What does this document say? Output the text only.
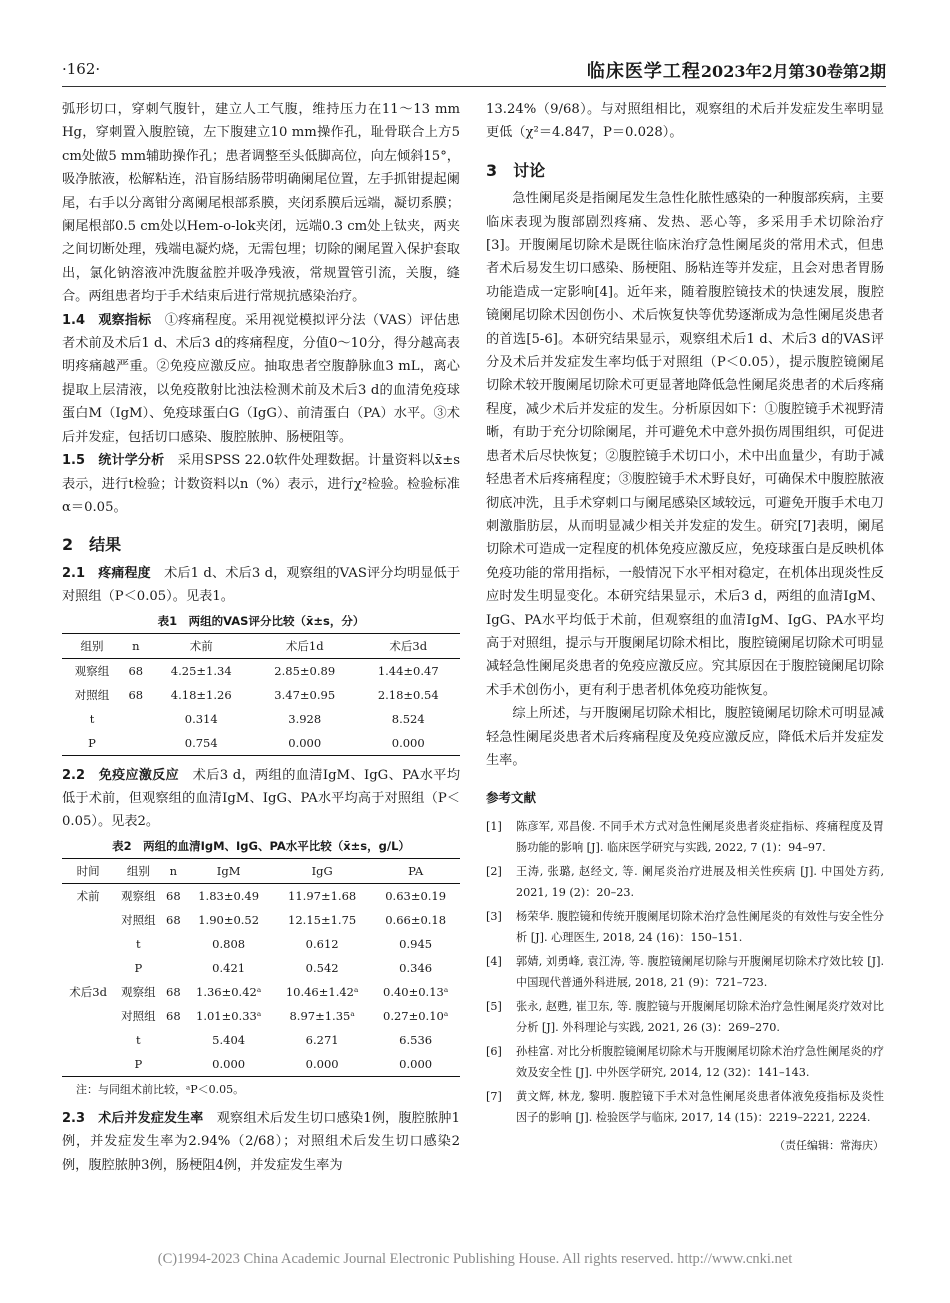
·162·	临床医学工程2023年2月第30卷第2期

弧形切口，穿刺气腹针，建立人工气腹，维持压力在11～13 mm Hg，穿刺置入腹腔镜，左下腹建立10 mm操作孔，耻骨联合上方5 cm处做5 mm辅助操作孔；患者调整至头低脚高位，向左倾斜15°，吸净脓液，松解粘连，沿盲肠结肠带明确阑尾位置，左手抓钳提起阑尾，右手以分离钳分离阑尾根部系膜，夹闭系膜后远端，凝切系膜；阑尾根部0.5 cm处以Hem-o-lok夹闭，远端0.3 cm处上钛夹，两夹之间切断处理，残端电凝灼烧，无需包埋；切除的阑尾置入保护套取出，氯化钠溶液冲洗腹盆腔并吸净残液，常规置管引流，关腹，缝合。两组患者均于手术结束后进行常规抗感染治疗。

1.4　观察指标　 ①疼痛程度。采用视觉模拟评分法（VAS）评估患者术前及术后1 d、术后3 d的疼痛程度，分值0～10分，得分越高表明疼痛越严重。②免疫应激反应。抽取患者空腹静脉血3 mL，离心提取上层清液，以免疫散射比浊法检测术前及术后3 d的血清免疫球蛋白M（IgM）、免疫球蛋白G（IgG）、前清蛋白（PA）水平。③术后并发症，包括切口感染、腹腔脓肿、肠梗阻等。

1.5　统计学分析　 采用SPSS 22.0软件处理数据。计量资料以x̄±s表示，进行t检验；计数资料以n（%）表示，进行χ²检验。检验标准α＝0.05。

2　结果

2.1　疼痛程度　 术后1 d、术后3 d，观察组的VAS评分均明显低于对照组（P＜0.05）。见表1。

表1　两组的VAS评分比较（x̄±s，分）
组别	n	术前	术后1d	术后3d
观察组	68	4.25±1.34	2.85±0.89	1.44±0.47
对照组	68	4.18±1.26	3.47±0.95	2.18±0.54
t		0.314	3.928	8.524
P		0.754	0.000	0.000

2.2　免疫应激反应　 术后3 d，两组的血清IgM、IgG、PA水平均低于术前，但观察组的血清IgM、IgG、PA水平均高于对照组（P＜0.05）。见表2。

表2　两组的血清IgM、IgG、PA水平比较（x̄±s，g/L）
时间	组别	n	IgM	IgG	PA
术前	观察组	68	1.83±0.49	11.97±1.68	0.63±0.19
	对照组	68	1.90±0.52	12.15±1.75	0.66±0.18
	t		0.808	0.612	0.945
	P		0.421	0.542	0.346
术后3d	观察组	68	1.36±0.42ᵃ	10.46±1.42ᵃ	0.40±0.13ᵃ
	对照组	68	1.01±0.33ᵃ	8.97±1.35ᵃ	0.27±0.10ᵃ
	t		5.404	6.271	6.536
	P		0.000	0.000	0.000
注：与同组术前比较，ᵃP＜0.05。

2.3　术后并发症发生率　 观察组术后发生切口感染1例，腹腔脓肿1例，并发症发生率为2.94%（2/68）；对照组术后发生切口感染2例，腹腔脓肿3例，肠梗阻4例，并发症发生率为

13.24%（9/68）。与对照组相比，观察组的术后并发症发生率明显更低（χ²＝4.847，P＝0.028）。

3　讨论

急性阑尾炎是指阑尾发生急性化脓性感染的一种腹部疾病，主要临床表现为腹部剧烈疼痛、发热、恶心等，多采用手术切除治疗[3]。开腹阑尾切除术是既往临床治疗急性阑尾炎的常用术式，但患者术后易发生切口感染、肠梗阻、肠粘连等并发症，且会对患者胃肠功能造成一定影响[4]。近年来，随着腹腔镜技术的快速发展，腹腔镜阑尾切除术因创伤小、术后恢复快等优势逐渐成为急性阑尾炎患者的首选[5-6]。本研究结果显示，观察组术后1 d、术后3 d的VAS评分及术后并发症发生率均低于对照组（P＜0.05），提示腹腔镜阑尾切除术较开腹阑尾切除术可更显著地降低急性阑尾炎患者的术后疼痛程度，减少术后并发症的发生。分析原因如下：①腹腔镜手术视野清晰，有助于充分切除阑尾，并可避免术中意外损伤周围组织，可促进患者术后尽快恢复；②腹腔镜手术切口小，术中出血量少，有助于减轻患者术后疼痛程度；③腹腔镜手术术野良好，可确保术中腹腔脓液彻底冲洗，且手术穿刺口与阑尾感染区域较远，可避免开腹手术电刀刺激脂肪层，从而明显减少相关并发症的发生。研究[7]表明，阑尾切除术可造成一定程度的机体免疫应激反应，免疫球蛋白是反映机体免疫功能的常用指标，一般情况下水平相对稳定，在机体出现炎性反应时发生明显变化。本研究结果显示，术后3 d，两组的血清IgM、IgG、PA水平均低于术前，但观察组的血清IgM、IgG、PA水平均高于对照组，提示与开腹阑尾切除术相比，腹腔镜阑尾切除术可明显减轻急性阑尾炎患者的免疫应激反应。究其原因在于腹腔镜阑尾切除术手术创伤小，更有利于患者机体免疫功能恢复。

综上所述，与开腹阑尾切除术相比，腹腔镜阑尾切除术可明显减轻急性阑尾炎患者术后疼痛程度及免疫应激反应，降低术后并发症发生率。

参考文献
[1]	陈彦军, 邓昌俊. 不同手术方式对急性阑尾炎患者炎症指标、疼痛程度及胃肠功能的影响 [J]. 临床医学研究与实践, 2022, 7 (1)：94–97.
[2]	王涛, 张璐, 赵经文, 等. 阑尾炎治疗进展及相关性疾病 [J]. 中国处方药, 2021, 19 (2)：20–23.
[3]	杨荣华. 腹腔镜和传统开腹阑尾切除术治疗急性阑尾炎的有效性与安全性分析 [J]. 心理医生, 2018, 24 (16)：150–151.
[4]	郭婧, 刘勇峰, 袁江涛, 等. 腹腔镜阑尾切除与开腹阑尾切除术疗效比较 [J]. 中国现代普通外科进展, 2018, 21 (9)：721–723.
[5]	张永, 赵甦, 崔卫东, 等. 腹腔镜与开腹阑尾切除术治疗急性阑尾炎疗效对比分析 [J]. 外科理论与实践, 2021, 26 (3)：269–270.
[6]	孙桂富. 对比分析腹腔镜阑尾切除术与开腹阑尾切除术治疗急性阑尾炎的疗效及安全性 [J]. 中外医学研究, 2014, 12 (32)：141–143.
[7]	黄文辉, 林龙, 黎明. 腹腔镜下手术对急性阑尾炎患者体液免疫指标及炎性因子的影响 [J]. 检验医学与临床, 2017, 14 (15)：2219–2221, 2224.
（责任编辑：常海庆）
(C)1994-2023 China Academic Journal Electronic Publishing House. All rights reserved. http://www.cnki.net
